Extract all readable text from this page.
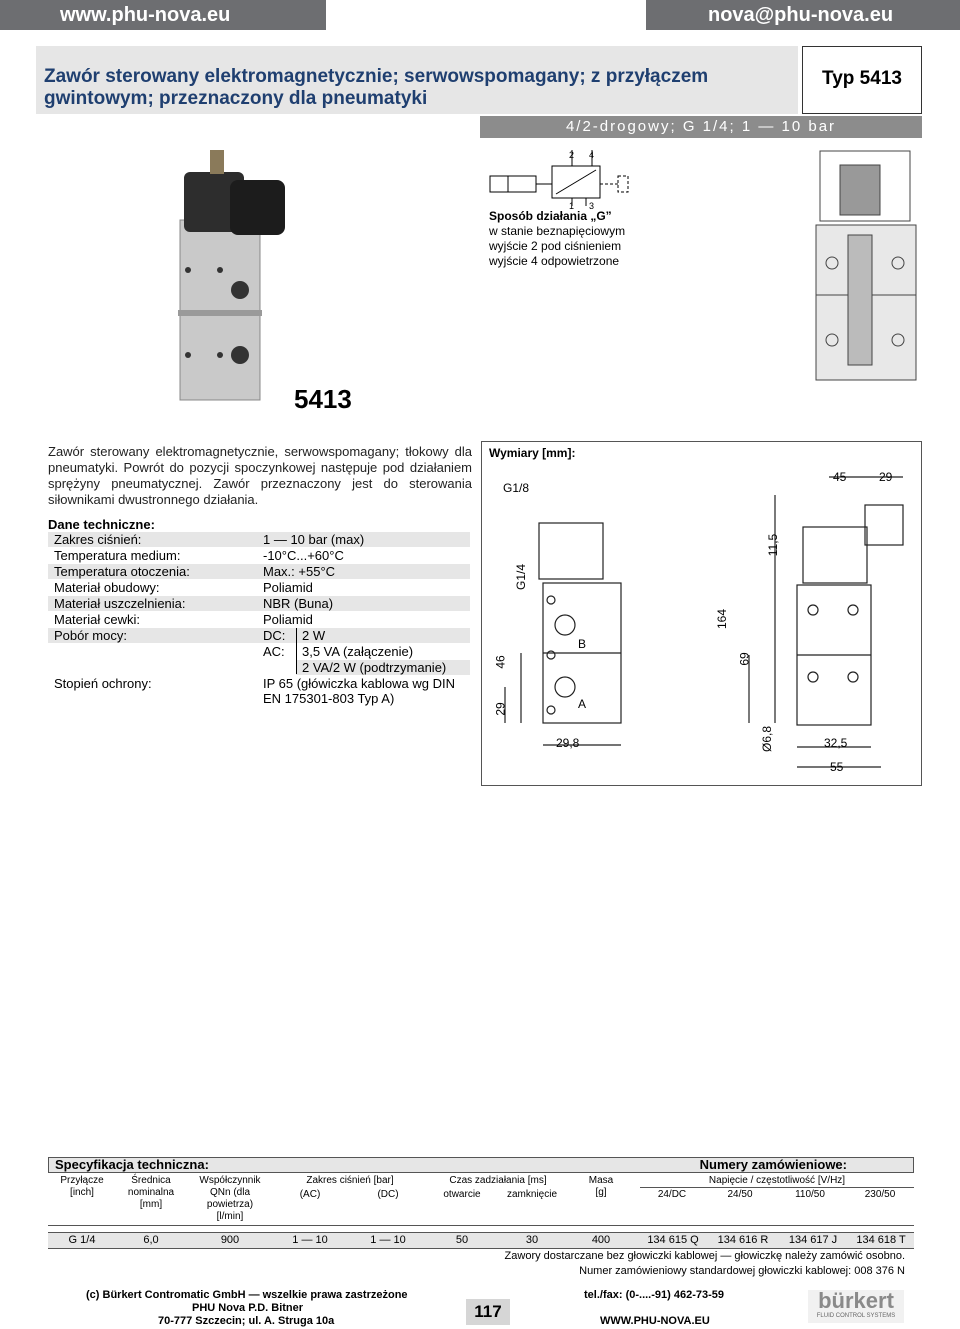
www.phu-nova.eu	nova@phu-nova.eu
Zawór sterowany elektromagnetycznie; serwowspomagany; z przyłączem
gwintowym; przeznaczony dla pneumatyki
Typ 5413
4/2-drogowy; G 1/4; 1 — 10 bar
2 4
1 3
Sposób działania „G”
w stanie beznapięciowym
wyjście 2 pod ciśnieniem
wyjście 4 odpowietrzone
5413
Zawór sterowany elektromagnetycznie, serwowspomagany; tłokowy dla pneumatyki. Powrót do pozycji spoczynkowej następuje pod działaniem sprężyny pneumatycznej. Zawór przeznaczony jest do sterowania siłownikami dwustronnego działania.
Dane techniczne:
Zakres ciśnień:	1 — 10 bar (max)
Temperatura medium:	-10°C...+60°C
Temperatura otoczenia:	Max.: +55°C
Materiał obudowy:	Poliamid
Materiał uszczelnienia:	NBR (Buna)
Materiał cewki:	Poliamid
Pobór mocy:	DC: 2 W
AC: 3,5 VA (załączenie)
2 VA/2 W (podtrzymanie)
Stopień ochrony:	IP 65 (główiczka kablowa wg DIN
EN 175301-803 Typ A)
Wymiary [mm]:
G1/8
45	29
11,5
G1/4
164
69
B
46
29	A
29,8	Ø6,8	32,5
55
Specyfikacja techniczna:	Numery zamówieniowe:
Przyłącze
[inch]
Średnica
nominalna
[mm]
Współczynnik
QNn (dla
powietrza)
[l/min]
Zakres ciśnień [bar]
(AC)	(DC)
Czas zadziałania [ms]
otwarcie	zamknięcie
Masa
[g]
Napięcie / częstotliwość [V/Hz]
24/DC	24/50	110/50	230/50
G 1/4	6,0	900	1 — 10	1 — 10	50	30	400	134 615 Q	134 616 R	134 617 J	134 618 T
Zawory dostarczane bez głowiczki kablowej — głowiczkę należy zamówić osobno.
Numer zamówieniowy standardowej głowiczki kablowej: 008 376 N
(c) Bürkert Contromatic GmbH — wszelkie prawa zastrzeżone
PHU Nova P.D. Bitner
70-777 Szczecin; ul. A. Struga 10a	117
tel./fax: (0-....-91) 462-73-59
WWW.PHU-NOVA.EU
bürkert
FLUID CONTROL SYSTEMS
